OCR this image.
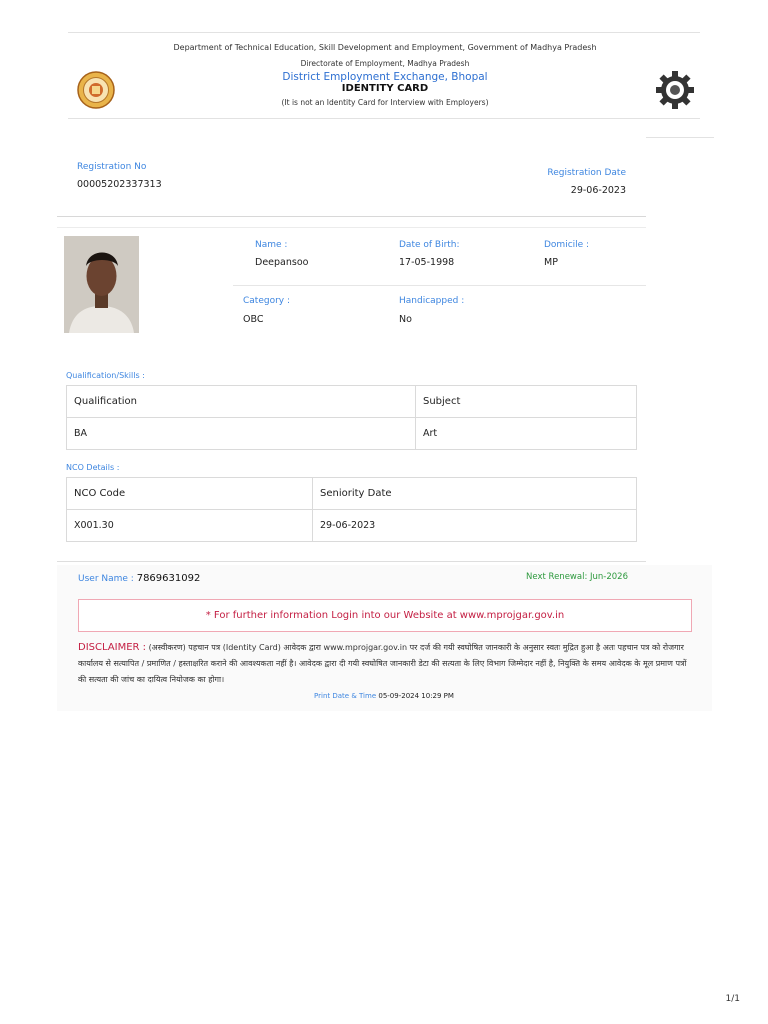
Department of Technical Education, Skill Development and Employment, Government of Madhya Pradesh
Directorate of Employment, Madhya Pradesh
District Employment Exchange, Bhopal
IDENTITY CARD
(It is not an Identity Card for Interview with Employers)
Registration No
00005202337313
Registration Date
29-06-2023
Name :
Deepansoo
Date of Birth:
17-05-1998
Domicile :
MP
Category :
OBC
Handicapped :
No
Qualification/Skills :
Qualification	Subject
BA	Art
NCO Details :
NCO Code	Seniority Date
X001.30	29-06-2023
User Name : 7869631092	Next Renewal: Jun-2026
* For further information Login into our Website at www.mprojgar.gov.in
DISCLAIMER : (अस्वीकरण) पहचान पत्र (Identity Card) आवेदक द्वारा www.mprojgar.gov.in पर दर्ज की गयी स्वघोषित जानकारी के अनुसार स्वतः मुद्रित हुआ है अतः पहचान पत्र को रोजगार कार्यालय से सत्यापित / प्रमाणित / हस्ताक्षरित कराने की आवश्यकता नहीं है। आवेदक द्वारा दी गयी स्वघोषित जानकारी डेटा की सत्यता के लिए विभाग जिम्मेदार नहीं है, नियुक्ति के समय आवेदक के मूल प्रमाण पत्रों की सत्यता की जांच का दायित्व नियोजक का होगा।
Print Date & Time 05-09-2024 10:29 PM
1/1
